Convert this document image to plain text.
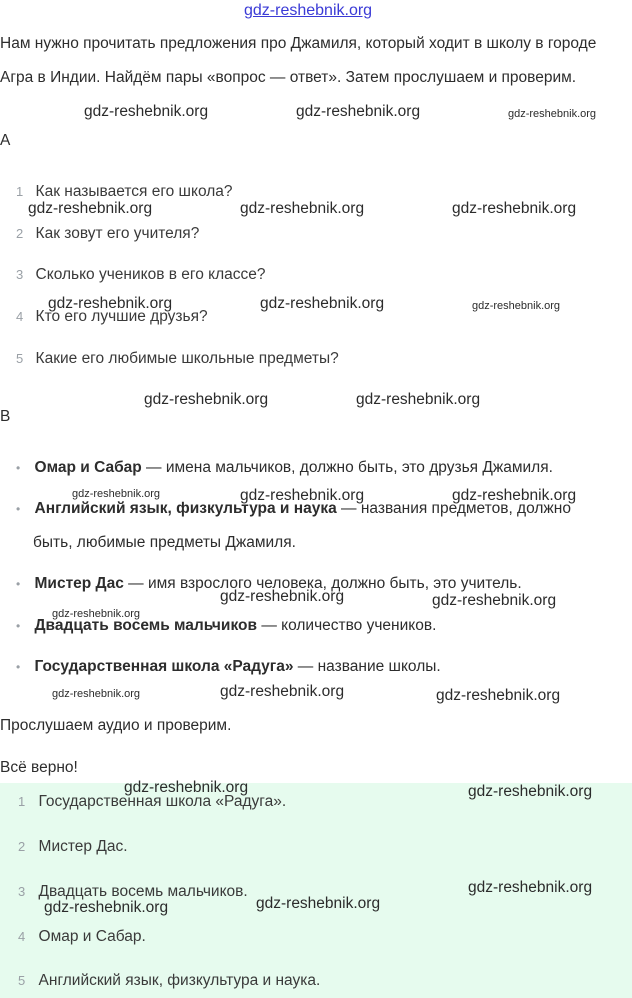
gdz-reshebnik.org
Нам нужно прочитать предложения про Джамиля, который ходит в школу в городе Агра в Индии. Найдём пары «вопрос — ответ». Затем прослушаем и проверим.
A
1 Как называется его школа?
2 Как зовут его учителя?
3 Сколько учеников в его классе?
4 Кто его лучшие друзья?
5 Какие его любимые школьные предметы?
B
• Омар и Сабар — имена мальчиков, должно быть, это друзья Джамиля.
• Английский язык, физкультура и наука — названия предметов, должно
быть, любимые предметы Джамиля.
• Мистер Дас — имя взрослого человека, должно быть, это учитель.
• Двадцать восемь мальчиков — количество учеников.
• Государственная школа «Радуга» — название школы.
Прослушаем аудио и проверим.
Всё верно!
1 Государственная школа «Радуга».
2 Мистер Дас.
3 Двадцать восемь мальчиков.
4 Омар и Сабар.
5 Английский язык, физкультура и наука.
gdz-reshebnik.org	gdz-reshebnik.org	gdz-reshebnik.org
gdz-reshebnik.org	gdz-reshebnik.org	gdz-reshebnik.org
gdz-reshebnik.org	gdz-reshebnik.org	gdz-reshebnik.org
gdz-reshebnik.org	gdz-reshebnik.org
gdz-reshebnik.org	gdz-reshebnik.org	gdz-reshebnik.org
gdz-reshebnik.org	gdz-reshebnik.org
gdz-reshebnik.org
gdz-reshebnik.org	gdz-reshebnik.org	gdz-reshebnik.org
gdz-reshebnik.org	gdz-reshebnik.org
gdz-reshebnik.org
gdz-reshebnik.org
gdz-reshebnik.org
